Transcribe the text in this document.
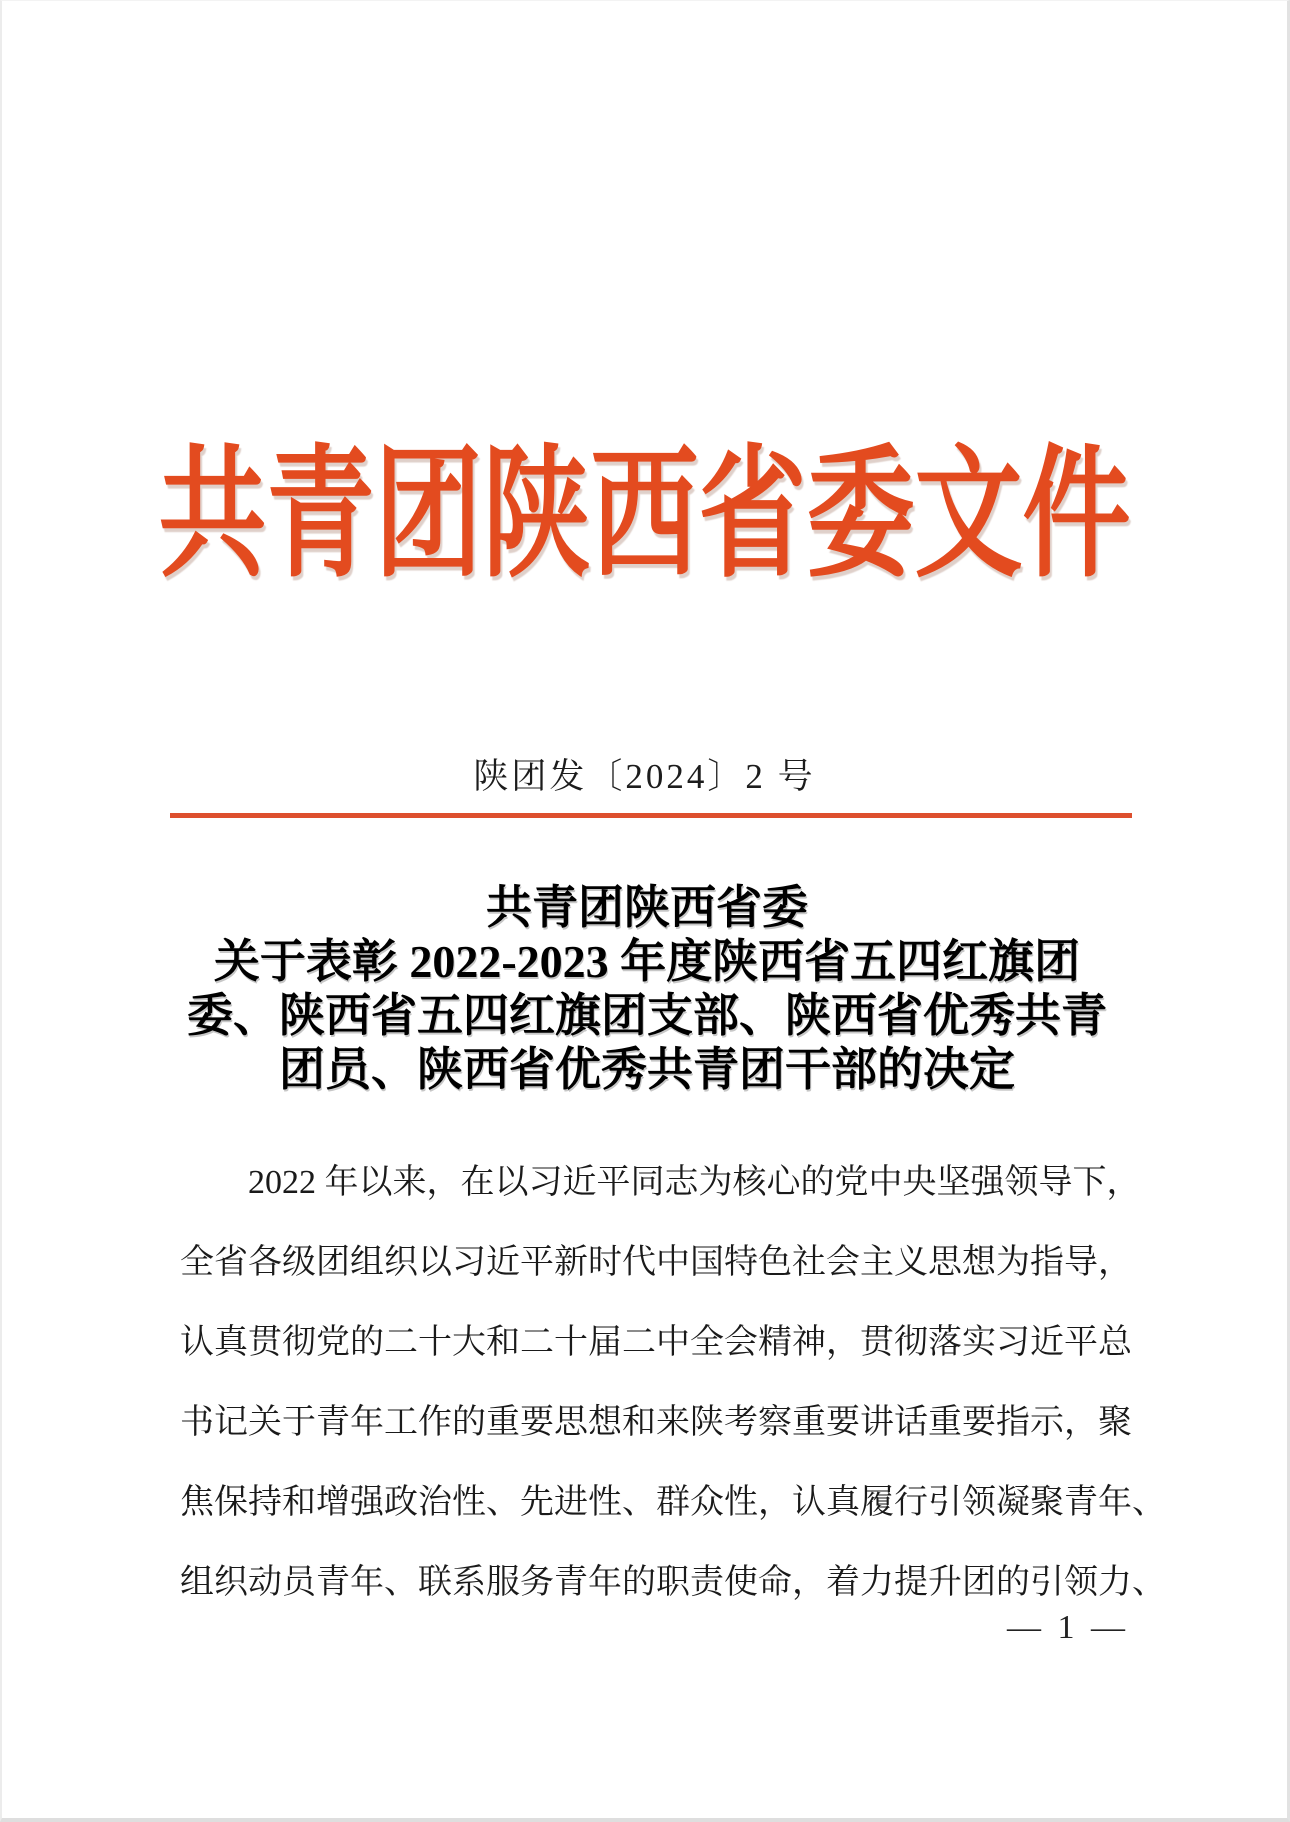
共青团陕西省委文件
陕团发〔2024〕2 号
共青团陕西省委
关于表彰 2022-2023 年度陕西省五四红旗团
委、陕西省五四红旗团支部、陕西省优秀共青
团员、陕西省优秀共青团干部的决定
2022 年以来，在以习近平同志为核心的党中央坚强领导下，
全省各级团组织以习近平新时代中国特色社会主义思想为指导，
认真贯彻党的二十大和二十届二中全会精神，贯彻落实习近平总
书记关于青年工作的重要思想和来陕考察重要讲话重要指示，聚
焦保持和增强政治性、先进性、群众性，认真履行引领凝聚青年、
组织动员青年、联系服务青年的职责使命，着力提升团的引领力、
— 1 —
